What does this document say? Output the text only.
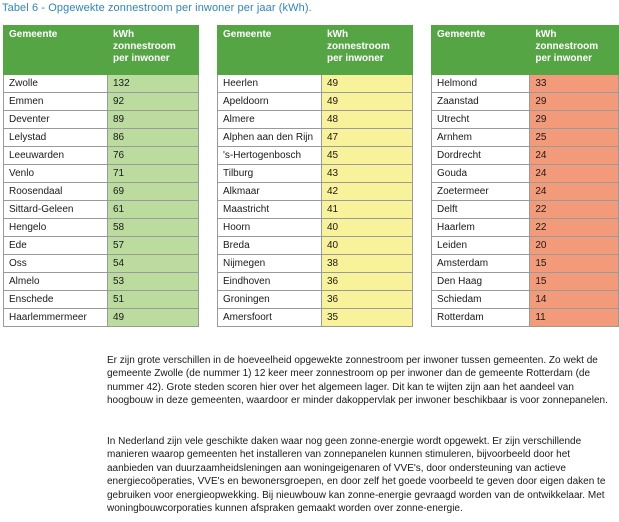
Tabel 6 - Opgewekte zonnestroom per inwoner per jaar (kWh).
Gemeente	kWh
zonnestroom
per inwoner
Zwolle	132
Emmen	92
Deventer	89
Lelystad	86
Leeuwarden	76
Venlo	71
Roosendaal	69
Sittard-Geleen	61
Hengelo	58
Ede	57
Oss	54
Almelo	53
Enschede	51
Haarlemmermeer	49
Gemeente	kWh
zonnestroom
per inwoner
Heerlen	49
Apeldoorn	49
Almere	48
Alphen aan den Rijn	47
's-Hertogenbosch	45
Tilburg	43
Alkmaar	42
Maastricht	41
Hoorn	40
Breda	40
Nijmegen	38
Eindhoven	36
Groningen	36
Amersfoort	35
Gemeente	kWh
zonnestroom
per inwoner
Helmond	33
Zaanstad	29
Utrecht	29
Arnhem	25
Dordrecht	24
Gouda	24
Zoetermeer	24
Delft	22
Haarlem	22
Leiden	20
Amsterdam	15
Den Haag	15
Schiedam	14
Rotterdam	11

Er zijn grote verschillen in de hoeveelheid opgewekte zonnestroom per inwoner tussen gemeenten. Zo wekt de gemeente Zwolle (de nummer 1) 12 keer meer zonnestroom op per inwoner dan de gemeente Rotterdam (de nummer 42). Grote steden scoren hier over het algemeen lager. Dit kan te wijten zijn aan het aandeel van hoogbouw in deze gemeenten, waardoor er minder dakoppervlak per inwoner beschikbaar is voor zonnepanelen.

In Nederland zijn vele geschikte daken waar nog geen zonne-energie wordt opgewekt. Er zijn verschillende manieren waarop gemeenten het installeren van zonnepanelen kunnen stimuleren, bijvoorbeeld door het aanbieden van duurzaamheidsleningen aan woningeigenaren of VVE's, door ondersteuning van actieve energiecoöperaties, VVE's en bewonersgroepen, en door zelf het goede voorbeeld te geven door eigen daken te gebruiken voor energieopwekking. Bij nieuwbouw kan zonne-energie gevraagd worden van de ontwikkelaar. Met woningbouwcorporaties kunnen afspraken gemaakt worden over zonne-energie.
